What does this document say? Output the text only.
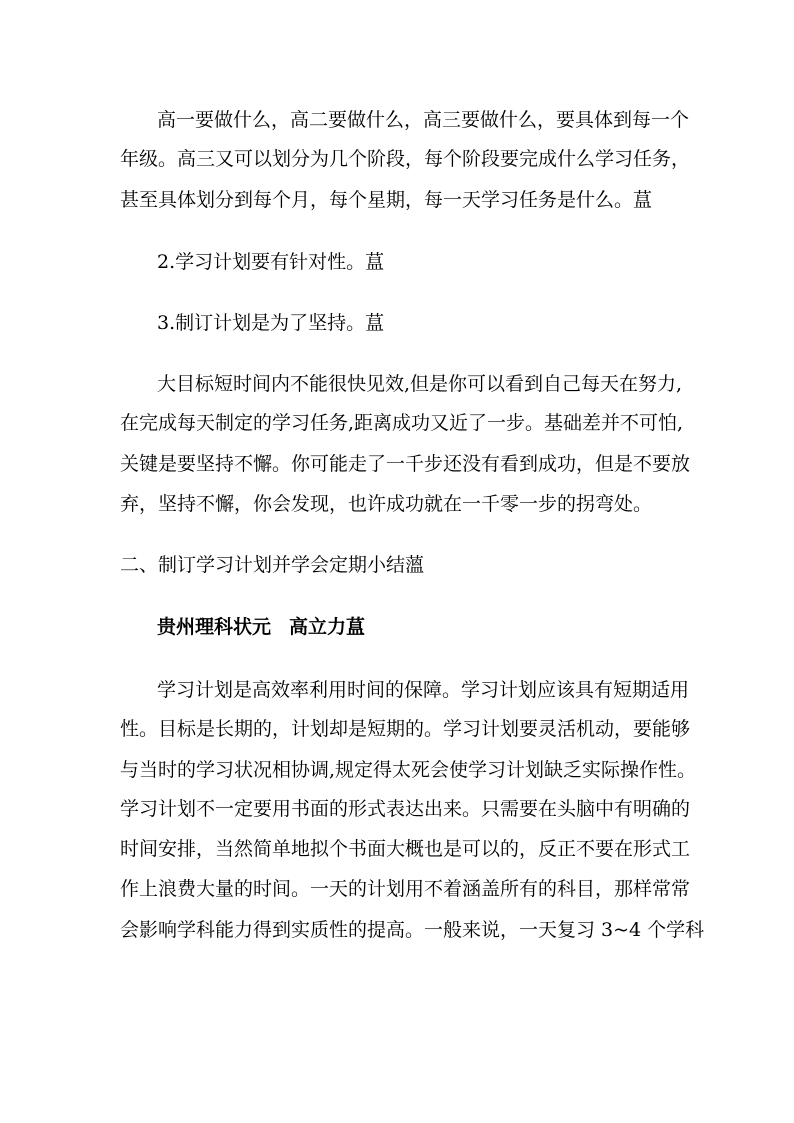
高一要做什么，高二要做什么，高三要做什么，要具体到每一个
年级。高三又可以划分为几个阶段，每个阶段要完成什么学习任务，
甚至具体划分到每个月，每个星期，每一天学习任务是什么。蒀
2.学习计划要有针对性。蒀
3.制订计划是为了坚持。蒀
大目标短时间内不能很快见效,但是你可以看到自己每天在努力,
在完成每天制定的学习任务,距离成功又近了一步。基础差并不可怕,
关键是要坚持不懈。你可能走了一千步还没有看到成功，但是不要放
弃，坚持不懈，你会发现，也许成功就在一千零一步的拐弯处。
二、制订学习计划并学会定期小结薀
贵州理科状元 高立力蒀
学习计划是高效率利用时间的保障。学习计划应该具有短期适用
性。目标是长期的，计划却是短期的。学习计划要灵活机动，要能够
与当时的学习状况相协调,规定得太死会使学习计划缺乏实际操作性。
学习计划不一定要用书面的形式表达出来。只需要在头脑中有明确的
时间安排，当然简单地拟个书面大概也是可以的，反正不要在形式工
作上浪费大量的时间。一天的计划用不着涵盖所有的科目，那样常常
会影响学科能力得到实质性的提高。一般来说，一天复习 3~4 个学科
